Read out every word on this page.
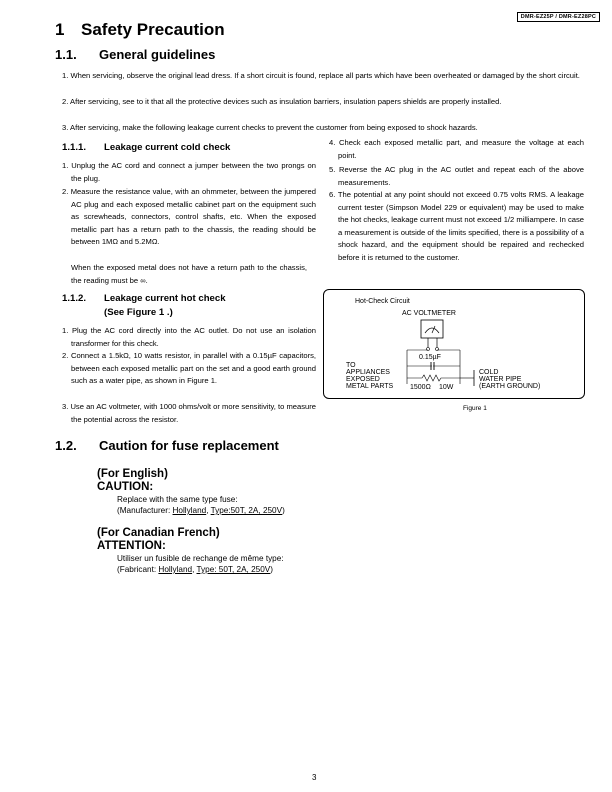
DMR-EZ25P / DMR-EZ28PC
1 Safety Precaution
1.1. General guidelines

1. When servicing, observe the original lead dress. If a short circuit is found, replace all parts which have been overheated or damaged by the short circuit.

2. After servicing, see to it that all the protective devices such as insulation barriers, insulation papers shields are properly installed.

3. After servicing, make the following leakage current checks to prevent the customer from being exposed to shock hazards.

1.1.1. Leakage current cold check

1. Unplug the AC cord and connect a jumper between the two prongs on the plug.

2. Measure the resistance value, with an ohmmeter, between the jumpered AC plug and each exposed metallic cabinet part on the equipment such as screwheads, connectors, control shafts, etc. When the exposed metallic part has a return path to the chassis, the reading should be between 1MΩ and 5.2MΩ.

When the exposed metal does not have a return path to the chassis, the reading must be ∞.

1.1.2. Leakage current hot check
(See Figure 1 .)

1. Plug the AC cord directly into the AC outlet. Do not use an isolation transformer for this check.

2. Connect a 1.5kΩ, 10 watts resistor, in parallel with a 0.15µF capacitors, between each exposed metallic part on the set and a good earth ground such as a water pipe, as shown in Figure 1.

3. Use an AC voltmeter, with 1000 ohms/volt or more sensitivity, to measure the potential across the resistor.

4. Check each exposed metallic part, and measure the voltage at each point.

5. Reverse the AC plug in the AC outlet and repeat each of the above measurements.

6. The potential at any point should not exceed 0.75 volts RMS. A leakage current tester (Simpson Model 229 or equivalent) may be used to make the hot checks, leakage current must not exceed 1/2 milliampere. In case a measurement is outside of the limits specified, there is a possibility of a shock hazard, and the equipment should be repaired and rechecked before it is returned to the customer.

Hot-Check Circuit
AC VOLTMETER
0.15µF
TO
APPLIANCES
EXPOSED
METAL PARTS 1500Ω 10W
COLD
WATER PIPE
(EARTH GROUND)
Figure 1
1.2. Caution for fuse replacement
(For English)
CAUTION:
Replace with the same type fuse:
(Manufacturer: Hollyland, Type:50T, 2A, 250V)
(For Canadian French)
ATTENTION:
Utiliser un fusible de rechange de même type:
(Fabricant: Hollyland, Type: 50T, 2A, 250V)
3
